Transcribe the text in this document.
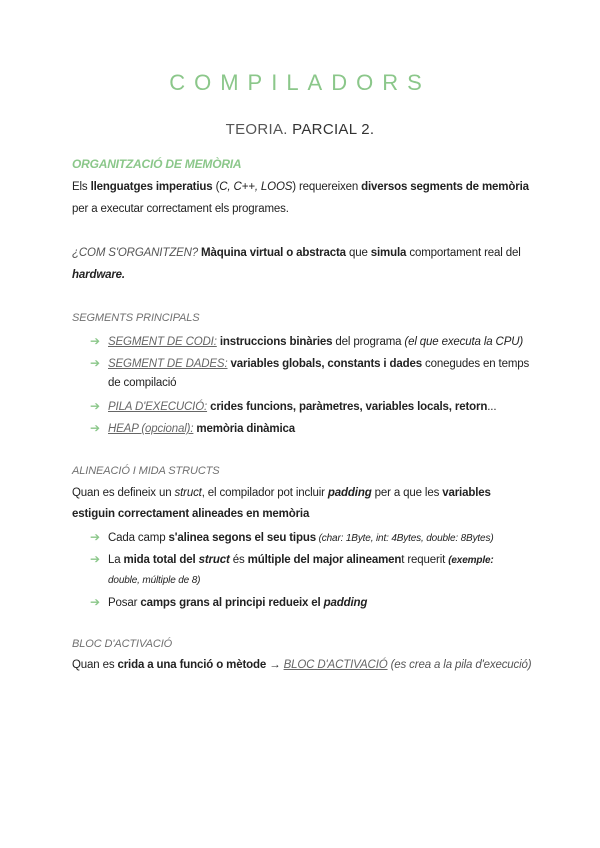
COMPILADORS
TEORIA. PARCIAL 2.
ORGANITZACIÓ DE MEMÒRIA
Els llenguatges imperatius (C, C++, LOOS) requereixen diversos segments de memòria
per a executar correctament els programes.
¿COM S'ORGANITZEN? Màquina virtual o abstracta que simula comportament real del
hardware.
SEGMENTS PRINCIPALS
➔ SEGMENT DE CODI: instruccions binàries del programa (el que executa la CPU)
➔ SEGMENT DE DADES: variables globals, constants i dades conegudes en temps
de compilació
➔ PILA D'EXECUCIÓ: crides funcions, paràmetres, variables locals, retorn...
➔ HEAP (opcional): memòria dinàmica
ALINEACIÓ I MIDA STRUCTS
Quan es defineix un struct, el compilador pot incluir padding per a que les variables
estiguin correctament alineades en memòria
➔ Cada camp s'alinea segons el seu tipus (char: 1Byte, int: 4Bytes, double: 8Bytes)
➔ La mida total del struct és múltiple del major alineament requerit (exemple:
double, múltiple de 8)
➔ Posar camps grans al principi redueix el padding
BLOC D'ACTIVACIÓ
Quan es crida a una funció o mètode → BLOC D'ACTIVACIÓ (es crea a la pila d'execució)
